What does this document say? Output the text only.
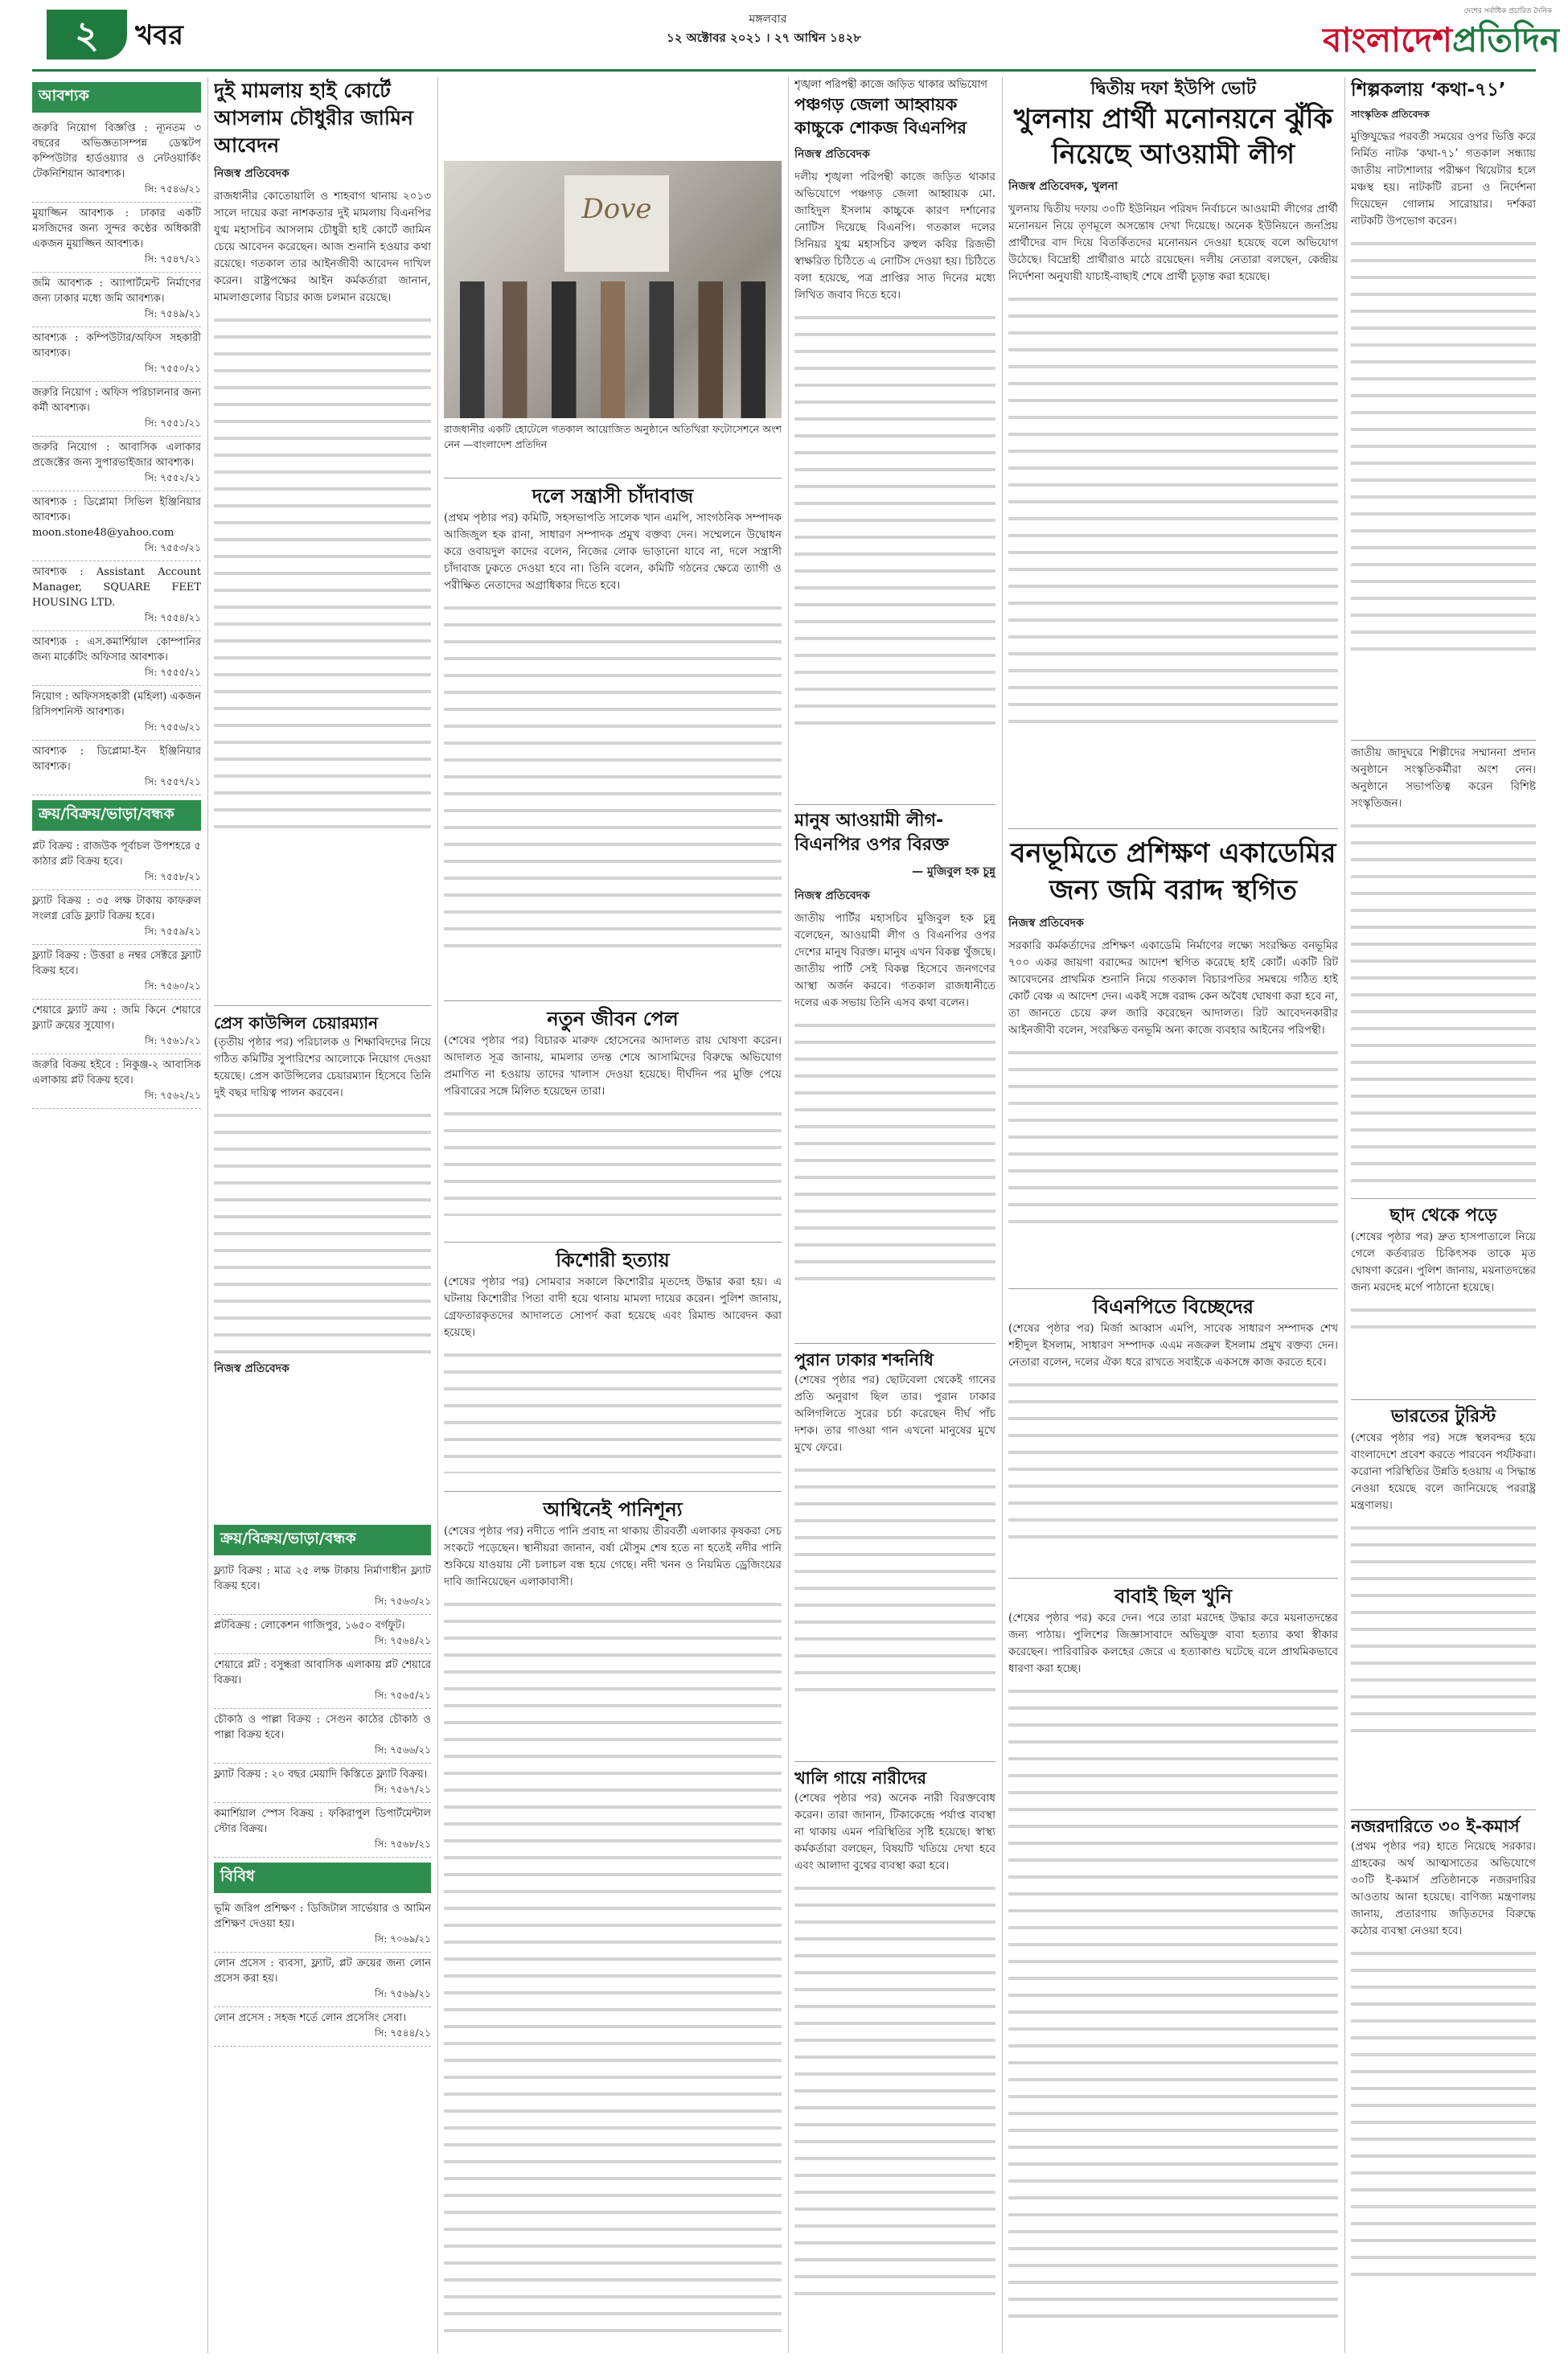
২	খবর	মঙ্গলবার
১২ অক্টোবর ২০২১ । ২৭ আশ্বিন ১৪২৮
দেশের সর্বাধিক প্রচারিত দৈনিক
বাংলাদেশপ্রতিদিন
আবশ্যক
জরুরি নিয়োগ বিজ্ঞপ্তি : ন্যূনতম ৩ বছরের অভিজ্ঞতাসম্পন্ন ডেস্কটপ কম্পিউটার হার্ডওয়্যার ও নেটওয়ার্কিং টেকনিশিয়ান আবশ্যক।
সি: ৭৫৪৬/২১
মুয়াজ্জিন আবশ্যক : ঢাকার একটি মসজিদের জন্য সুন্দর কণ্ঠের অধিকারী একজন মুয়াজ্জিন আবশ্যক।
সি: ৭৫৪৭/২১
জমি আবশ্যক : অ্যাপার্টমেন্ট নির্মাণের জন্য ঢাকার মধ্যে জমি আবশ্যক।
সি: ৭৫৪৯/২১
আবশ্যক : কম্পিউটার/অফিস সহকারী আবশ্যক।
সি: ৭৫৫০/২১
জরুরি নিয়োগ : অফিস পরিচালনার জন্য কর্মী আবশ্যক।
সি: ৭৫৫১/২১
জরুরি নিয়োগ : আবাসিক এলাকার প্রজেক্টের জন্য সুপারভাইজার আবশ্যক।
সি: ৭৫৫২/২১
আবশ্যক : ডিপ্লোমা সিভিল ইঞ্জিনিয়ার আবশ্যক। moon.stone48@yahoo.com
সি: ৭৫৫৩/২১
আবশ্যক : Assistant Account Manager, SQUARE FEET HOUSING LTD.
সি: ৭৫৫৪/২১
আবশ্যক : এস.কমার্শিয়াল কোম্পানির জন্য মার্কেটিং অফিসার আবশ্যক।
সি: ৭৫৫৫/২১
নিয়োগ : অফিসসহকারী (মহিলা) একজন রিসিপশনিস্ট আবশ্যক।
সি: ৭৫৫৬/২১
আবশ্যক : ডিপ্লোমা-ইন ইঞ্জিনিয়ার আবশ্যক।
সি: ৭৫৫৭/২১
ক্রয়/বিক্রয়/ভাড়া/বন্ধক
প্লট বিক্রয় : রাজউক পূর্বাচল উপশহরে ৫ কাঠার প্লট বিক্রয় হবে।
সি: ৭৫৫৮/২১
ফ্ল্যাট বিক্রয় : ৩৫ লক্ষ টাকায় কাফরুল সংলগ্ন রেডি ফ্ল্যাট বিক্রয় হবে।
সি: ৭৫৫৯/২১
ফ্ল্যাট বিক্রয় : উত্তরা ৪ নম্বর সেক্টরে ফ্ল্যাট বিক্রয় হবে।
সি: ৭৫৬০/২১
শেয়ারে ফ্ল্যাট ক্রয় : জমি কিনে শেয়ারে ফ্ল্যাট ক্রয়ের সুযোগ।
সি: ৭৫৬১/২১
জরুরি বিক্রয় হইবে : নিকুঞ্জ-২ আবাসিক এলাকায় প্লট বিক্রয় হবে।
সি: ৭৫৬২/২১
দুই মামলায় হাই কোর্টে আসলাম চৌধুরীর জামিন আবেদন
নিজস্ব প্রতিবেদক
রাজধানীর কোতোয়ালি ও শাহবাগ থানায় ২০১৩ সালে দায়ের করা নাশকতার দুই মামলায় বিএনপির যুগ্ম মহাসচিব আসলাম চৌধুরী হাই কোর্টে জামিন চেয়ে আবেদন করেছেন। আজ শুনানি হওয়ার কথা রয়েছে। গতকাল তার আইনজীবী আবেদন দাখিল করেন। রাষ্ট্রপক্ষের আইন কর্মকর্তারা জানান, মামলাগুলোর বিচার কাজ চলমান রয়েছে।
প্রেস কাউন্সিল চেয়ারম্যান
(তৃতীয় পৃষ্ঠার পর) পরিচালক ও শিক্ষাবিদদের নিয়ে গঠিত কমিটির সুপারিশের আলোকে নিয়োগ দেওয়া হয়েছে। প্রেস কাউন্সিলের চেয়ারম্যান হিসেবে তিনি দুই বছর দায়িত্ব পালন করবেন।
নিজস্ব প্রতিবেদক
ক্রয়/বিক্রয়/ভাড়া/বন্ধক
ফ্ল্যাট বিক্রয় : মাত্র ২৫ লক্ষ টাকায় নির্মাণাধীন ফ্ল্যাট বিক্রয় হবে।
সি: ৭৫৬৩/২১
প্লটবিক্রয় : লোকেশন গাজিপুর, ১৬৫০ বর্গফুট।
সি: ৭৫৬৪/২১
শেয়ারে প্লট : বসুন্ধরা আবাসিক এলাকায় প্লট শেয়ারে বিক্রয়।
সি: ৭৫৬৫/২১
চৌকাঠ ও পাল্লা বিক্রয় : সেগুন কাঠের চৌকাঠ ও পাল্লা বিক্রয় হবে।
সি: ৭৫৬৬/২১
ফ্ল্যাট বিক্রয় : ২০ বছর মেয়াদি কিস্তিতে ফ্ল্যাট বিক্রয়।
সি: ৭৫৬৭/২১
কমার্শিয়াল স্পেস বিক্রয় : ফকিরাপুল ডিপার্টমেন্টাল স্টোর বিক্রয়।
সি: ৭৫৬৮/২১
বিবিধ
ভূমি জরিপ প্রশিক্ষণ : ডিজিটাল সার্ভেয়ার ও আমিন প্রশিক্ষণ দেওয়া হয়।
সি: ৭০৬৯/২১
লোন প্রসেস : ব্যবসা, ফ্ল্যাট, প্লট ক্রয়ের জন্য লোন প্রসেস করা হয়।
সি: ৭৫৬৯/২১
লোন প্রসেস : সহজ শর্তে লোন প্রসেসিং সেবা।
সি: ৭৫৪৪/২১
Dove
রাজধানীর একটি হোটেলে গতকাল আয়োজিত অনুষ্ঠানে অতিথিরা ফটোসেশনে অংশ নেন —বাংলাদেশ প্রতিদিন
দলে সন্ত্রাসী চাঁদাবাজ
(প্রথম পৃষ্ঠার পর) কমিটি, সহসভাপতি সালেক খান এমপি, সাংগঠনিক সম্পাদক আজিজুল হক রানা, সাধারণ সম্পাদক প্রমুখ বক্তব্য দেন। সম্মেলনে উদ্বোধন করে ওবায়দুল কাদের বলেন, নিজের লোক ভাড়ানো যাবে না, দলে সন্ত্রাসী চাঁদাবাজ ঢুকতে দেওয়া হবে না। তিনি বলেন, কমিটি গঠনের ক্ষেত্রে ত্যাগী ও পরীক্ষিত নেতাদের অগ্রাধিকার দিতে হবে।
নতুন জীবন পেল
(শেষের পৃষ্ঠার পর) বিচারক মারুফ হোসেনের আদালত রায় ঘোষণা করেন। আদালত সূত্র জানায়, মামলার তদন্ত শেষে আসামিদের বিরুদ্ধে অভিযোগ প্রমাণিত না হওয়ায় তাদের খালাস দেওয়া হয়েছে। দীর্ঘদিন পর মুক্তি পেয়ে পরিবারের সঙ্গে মিলিত হয়েছেন তারা।
কিশোরী হত্যায়
(শেষের পৃষ্ঠার পর) সোমবার সকালে কিশোরীর মৃতদেহ উদ্ধার করা হয়। এ ঘটনায় কিশোরীর পিতা বাদী হয়ে থানায় মামলা দায়ের করেন। পুলিশ জানায়, গ্রেফতারকৃতদের আদালতে সোপর্দ করা হয়েছে এবং রিমান্ড আবেদন করা হয়েছে।
আশ্বিনেই পানিশূন্য
(শেষের পৃষ্ঠার পর) নদীতে পানি প্রবাহ না থাকায় তীরবর্তী এলাকার কৃষকরা সেচ সংকটে পড়েছেন। স্থানীয়রা জানান, বর্ষা মৌসুম শেষ হতে না হতেই নদীর পানি শুকিয়ে যাওয়ায় নৌ চলাচল বন্ধ হয়ে গেছে। নদী খনন ও নিয়মিত ড্রেজিংয়ের দাবি জানিয়েছেন এলাকাবাসী।
শৃঙ্খলা পরিপন্থী কাজে জড়িত থাকার অভিযোগ
পঞ্চগড় জেলা আহ্বায়ক কাচ্চুকে শোকজ বিএনপির
নিজস্ব প্রতিবেদক
দলীয় শৃঙ্খলা পরিপন্থী কাজে জড়িত থাকার অভিযোগে পঞ্চগড় জেলা আহ্বায়ক মো. জাহিদুল ইসলাম কাচ্চুকে কারণ দর্শানোর নোটিস দিয়েছে বিএনপি। গতকাল দলের সিনিয়র যুগ্ম মহাসচিব রুহুল কবির রিজভী স্বাক্ষরিত চিঠিতে এ নোটিস দেওয়া হয়। চিঠিতে বলা হয়েছে, পত্র প্রাপ্তির সাত দিনের মধ্যে লিখিত জবাব দিতে হবে।
মানুষ আওয়ামী লীগ-বিএনপির ওপর বিরক্ত
— মুজিবুল হক চুন্নু
নিজস্ব প্রতিবেদক
জাতীয় পার্টির মহাসচিব মুজিবুল হক চুন্নু বলেছেন, আওয়ামী লীগ ও বিএনপির ওপর দেশের মানুষ বিরক্ত। মানুষ এখন বিকল্প খুঁজছে। জাতীয় পার্টি সেই বিকল্প হিসেবে জনগণের আস্থা অর্জন করবে। গতকাল রাজধানীতে দলের এক সভায় তিনি এসব কথা বলেন।
পুরান ঢাকার শব্দনিধি
(শেষের পৃষ্ঠার পর) ছোটবেলা থেকেই গানের প্রতি অনুরাগ ছিল তার। পুরান ঢাকার অলিগলিতে সুরের চর্চা করেছেন দীর্ঘ পাঁচ দশক। তার গাওয়া গান এখনো মানুষের মুখে মুখে ফেরে।
খালি গায়ে নারীদের
(শেষের পৃষ্ঠার পর) অনেক নারী বিরক্তবোধ করেন। তারা জানান, টিকাকেন্দ্রে পর্যাপ্ত ব্যবস্থা না থাকায় এমন পরিস্থিতির সৃষ্টি হয়েছে। স্বাস্থ্য কর্মকর্তারা বলছেন, বিষয়টি খতিয়ে দেখা হবে এবং আলাদা বুথের ব্যবস্থা করা হবে।
দ্বিতীয় দফা ইউপি ভোট
খুলনায় প্রার্থী মনোনয়নে ঝুঁকি নিয়েছে আওয়ামী লীগ
নিজস্ব প্রতিবেদক, খুলনা
খুলনায় দ্বিতীয় দফায় ৩০টি ইউনিয়ন পরিষদ নির্বাচনে আওয়ামী লীগের প্রার্থী মনোনয়ন নিয়ে তৃণমূলে অসন্তোষ দেখা দিয়েছে। অনেক ইউনিয়নে জনপ্রিয় প্রার্থীদের বাদ দিয়ে বিতর্কিতদের মনোনয়ন দেওয়া হয়েছে বলে অভিযোগ উঠেছে। বিদ্রোহী প্রার্থীরাও মাঠে রয়েছেন। দলীয় নেতারা বলছেন, কেন্দ্রীয় নির্দেশনা অনুযায়ী যাচাই-বাছাই শেষে প্রার্থী চূড়ান্ত করা হয়েছে।
বনভূমিতে প্রশিক্ষণ একাডেমির জন্য জমি বরাদ্দ স্থগিত
নিজস্ব প্রতিবেদক
সরকারি কর্মকর্তাদের প্রশিক্ষণ একাডেমি নির্মাণের লক্ষ্যে সংরক্ষিত বনভূমির ৭০০ একর জায়গা বরাদ্দের আদেশ স্থগিত করেছে হাই কোর্ট। একটি রিট আবেদনের প্রাথমিক শুনানি নিয়ে গতকাল বিচারপতির সমন্বয়ে গঠিত হাই কোর্ট বেঞ্চ এ আদেশ দেন। একই সঙ্গে বরাদ্দ কেন অবৈধ ঘোষণা করা হবে না, তা জানতে চেয়ে রুল জারি করেছেন আদালত। রিট আবেদনকারীর আইনজীবী বলেন, সংরক্ষিত বনভূমি অন্য কাজে ব্যবহার আইনের পরিপন্থী।
বিএনপিতে বিচ্ছেদের
(শেষের পৃষ্ঠার পর) মির্জা আব্বাস এমপি, সাবেক সাধারণ সম্পাদক শেখ শহীদুল ইসলাম, সাধারণ সম্পাদক এএম নজরুল ইসলাম প্রমুখ বক্তব্য দেন। নেতারা বলেন, দলের ঐক্য ধরে রাখতে সবাইকে একসঙ্গে কাজ করতে হবে।
বাবাই ছিল খুনি
(শেষের পৃষ্ঠার পর) করে দেন। পরে তারা মরদেহ উদ্ধার করে ময়নাতদন্তের জন্য পাঠায়। পুলিশের জিজ্ঞাসাবাদে অভিযুক্ত বাবা হত্যার কথা স্বীকার করেছেন। পারিবারিক কলহের জেরে এ হত্যাকাণ্ড ঘটেছে বলে প্রাথমিকভাবে ধারণা করা হচ্ছে।
শিল্পকলায় ‘কথা-৭১’
সাংস্কৃতিক প্রতিবেদক
মুক্তিযুদ্ধের পরবর্তী সময়ের ওপর ভিত্তি করে নির্মিত নাটক ‘কথা-৭১’ গতকাল সন্ধ্যায় জাতীয় নাট্যশালার পরীক্ষণ থিয়েটার হলে মঞ্চস্থ হয়। নাটকটি রচনা ও নির্দেশনা দিয়েছেন গোলাম সারোয়ার। দর্শকরা নাটকটি উপভোগ করেন।
জাতীয় জাদুঘরে শিল্পীদের সম্মাননা প্রদান অনুষ্ঠানে সংস্কৃতিকর্মীরা অংশ নেন। অনুষ্ঠানে সভাপতিত্ব করেন বিশিষ্ট সংস্কৃতিজন।
ছাদ থেকে পড়ে
(শেষের পৃষ্ঠার পর) দ্রুত হাসপাতালে নিয়ে গেলে কর্তব্যরত চিকিৎসক তাকে মৃত ঘোষণা করেন। পুলিশ জানায়, ময়নাতদন্তের জন্য মরদেহ মর্গে পাঠানো হয়েছে।
ভারতের টুরিস্ট
(শেষের পৃষ্ঠার পর) সঙ্গে স্থলবন্দর হয়ে বাংলাদেশে প্রবেশ করতে পারবেন পর্যটকরা। করোনা পরিস্থিতির উন্নতি হওয়ায় এ সিদ্ধান্ত নেওয়া হয়েছে বলে জানিয়েছে পররাষ্ট্র মন্ত্রণালয়।
নজরদারিতে ৩০ ই-কমার্স
(প্রথম পৃষ্ঠার পর) হাতে নিয়েছে সরকার। গ্রাহকের অর্থ আত্মসাতের অভিযোগে ৩০টি ই-কমার্স প্রতিষ্ঠানকে নজরদারির আওতায় আনা হয়েছে। বাণিজ্য মন্ত্রণালয় জানায়, প্রতারণায় জড়িতদের বিরুদ্ধে কঠোর ব্যবস্থা নেওয়া হবে।
